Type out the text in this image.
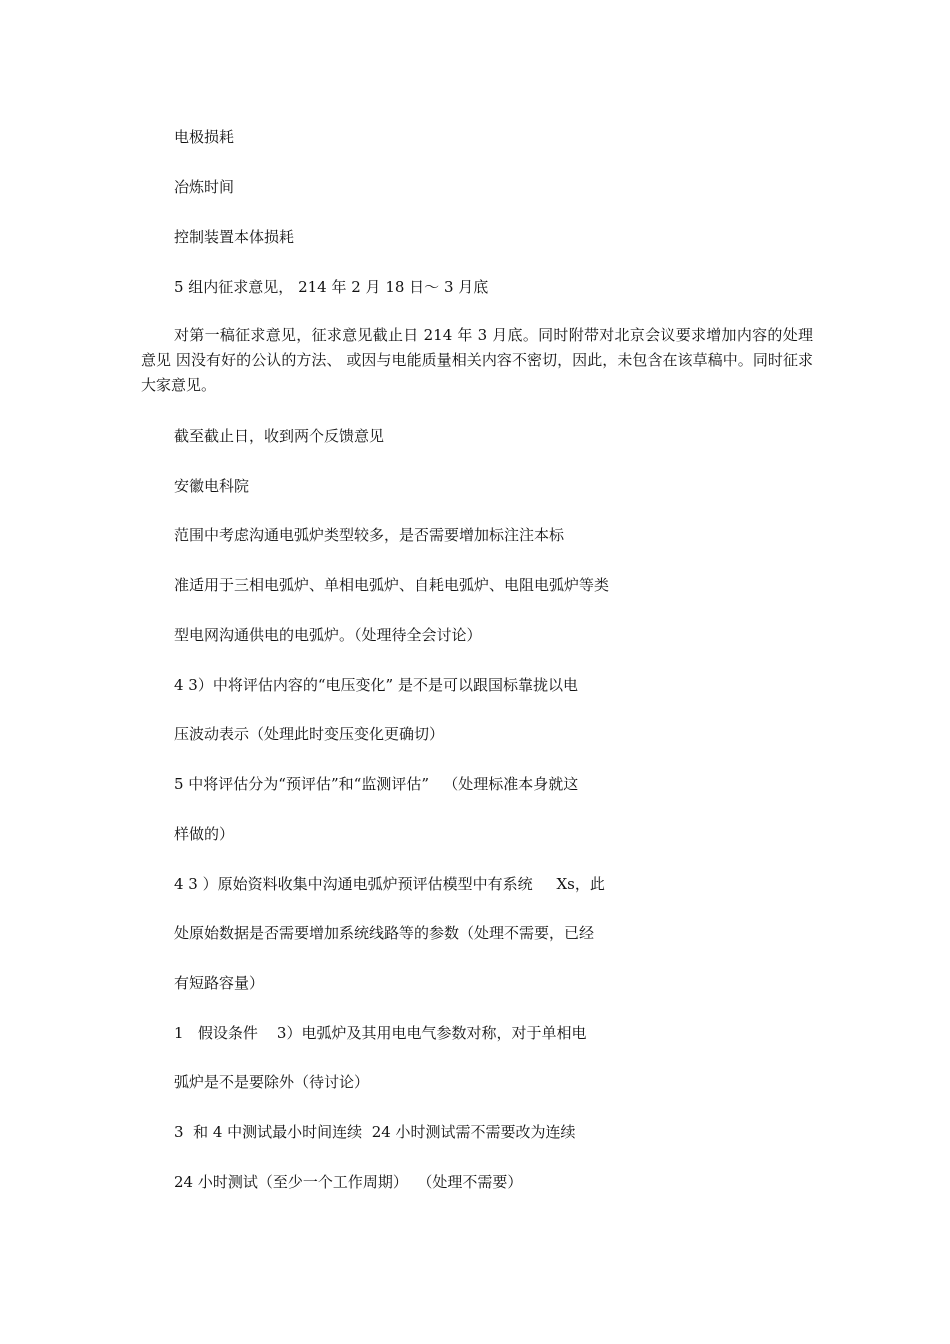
电极损耗
冶炼时间
控制装置本体损耗
5 组内征求意见， 214 年 2 月 18 日～ 3 月底
对第一稿征求意见，征求意见截止日 214 年 3 月底。同时附带对北京会议要求增加内容的处理意见 因没有好的公认的方法、 或因与电能质量相关内容不密切，因此，未包含在该草稿中。同时征求大家意见。
截至截止日，收到两个反馈意见
安徽电科院
范围中考虑沟通电弧炉类型较多，是否需要增加标注注本标
准适用于三相电弧炉、单相电弧炉、自耗电弧炉、电阻电弧炉等类
型电网沟通供电的电弧炉。（处理待全会讨论）
4 3）中将评估内容的“电压变化” 是不是可以跟国标靠拢以电
压波动表示（处理此时变压变化更确切）
5 中将评估分为“预评估”和“监测评估”   （处理标准本身就这
样做的）
4 3 ）原始资料收集中沟通电弧炉预评估模型中有系统     Xs，此
处原始数据是否需要增加系统线路等的参数（处理不需要，已经
有短路容量）
1   假设条件    3）电弧炉及其用电电气参数对称，对于单相电
弧炉是不是要除外（待讨论）
3  和 4 中测试最小时间连续  24 小时测试需不需要改为连续
24 小时测试（至少一个工作周期）  （处理不需要）
